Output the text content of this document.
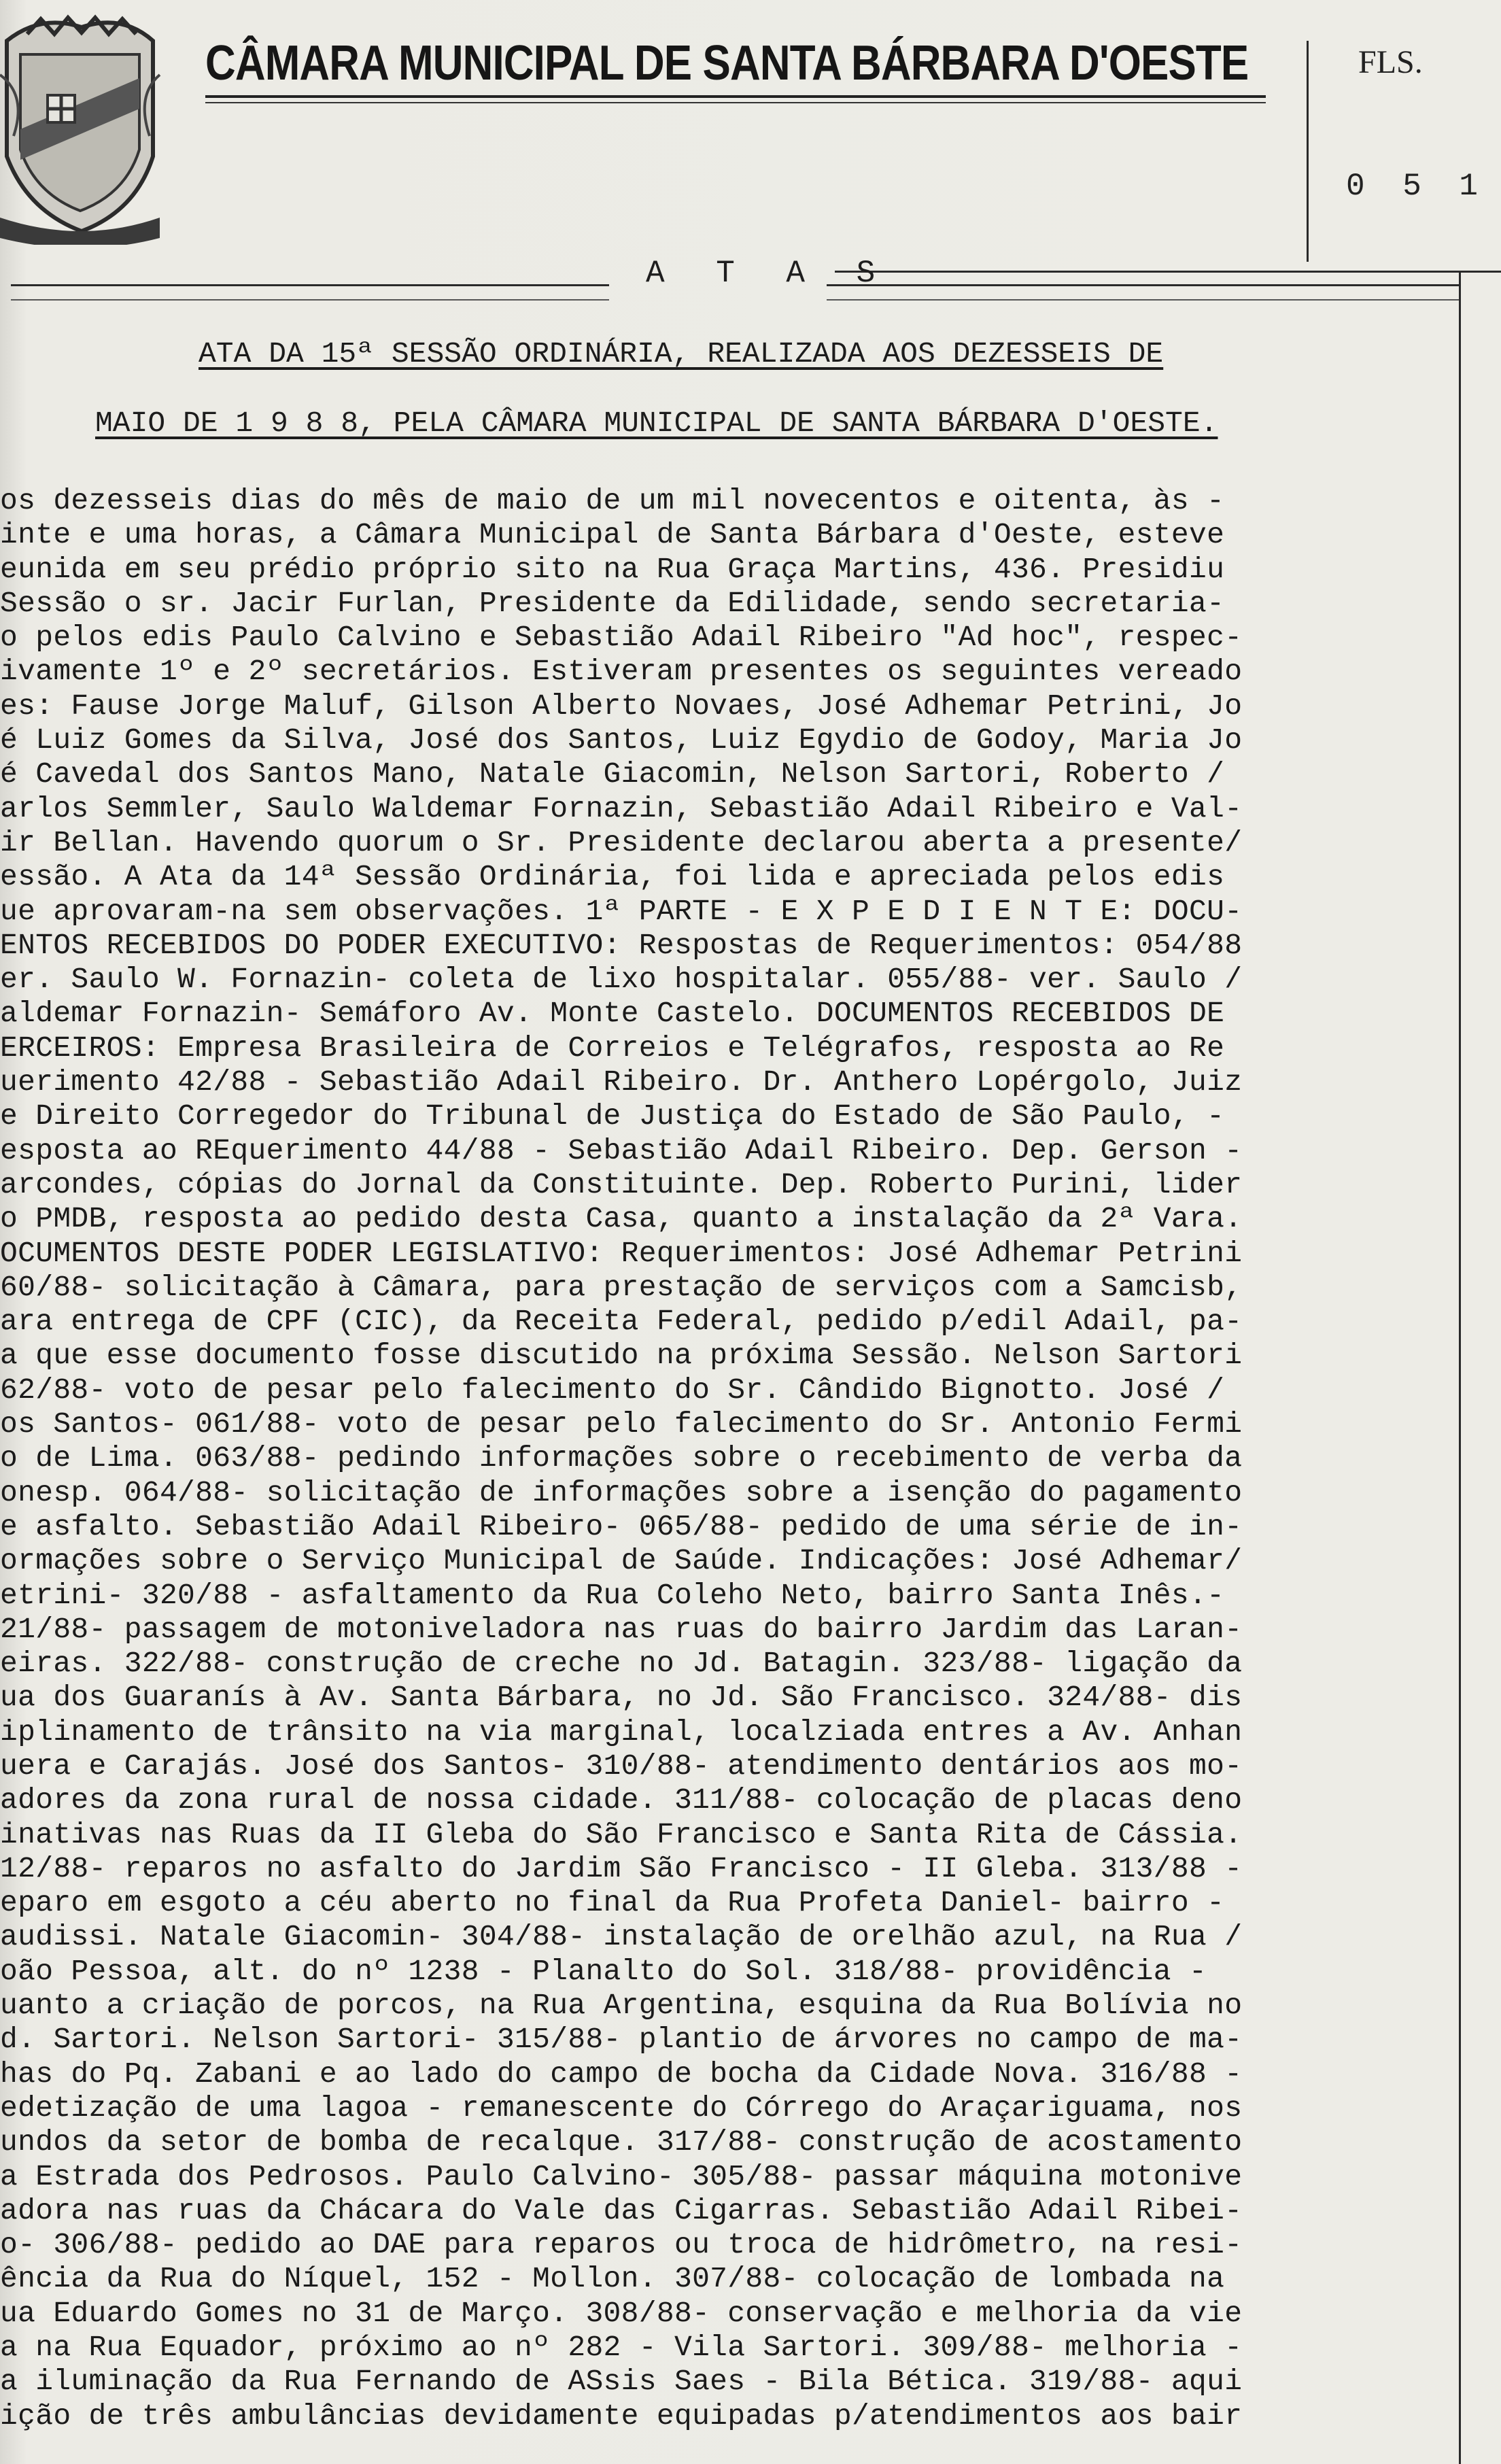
CÂMARA MUNICIPAL DE SANTA BÁRBARA D'OESTE	FLS.
0 5 1
A T A S
ATA DA 15ª SESSÃO ORDINÁRIA, REALIZADA AOS DEZESSEIS DE
MAIO DE 1 9 8 8, PELA CÂMARA MUNICIPAL DE SANTA BÁRBARA D'OESTE.
os dezesseis dias do mês de maio de um mil novecentos e oitenta, às -
inte e uma horas, a Câmara Municipal de Santa Bárbara d'Oeste, esteve
eunida em seu prédio próprio sito na Rua Graça Martins, 436. Presidiu
Sessão o sr. Jacir Furlan, Presidente da Edilidade, sendo secretaria-
o pelos edis Paulo Calvino e Sebastião Adail Ribeiro "Ad hoc", respec-
ivamente 1º e 2º secretários. Estiveram presentes os seguintes vereado
es: Fause Jorge Maluf, Gilson Alberto Novaes, José Adhemar Petrini, Jo
é Luiz Gomes da Silva, José dos Santos, Luiz Egydio de Godoy, Maria Jo
é Cavedal dos Santos Mano, Natale Giacomin, Nelson Sartori, Roberto /
arlos Semmler, Saulo Waldemar Fornazin, Sebastião Adail Ribeiro e Val-
ir Bellan. Havendo quorum o Sr. Presidente declarou aberta a presente/
essão. A Ata da 14ª Sessão Ordinária, foi lida e apreciada pelos edis
ue aprovaram-na sem observações. 1ª PARTE - E X P E D I E N T E: DOCU-
ENTOS RECEBIDOS DO PODER EXECUTIVO: Respostas de Requerimentos: 054/88
er. Saulo W. Fornazin- coleta de lixo hospitalar. 055/88- ver. Saulo /
aldemar Fornazin- Semáforo Av. Monte Castelo. DOCUMENTOS RECEBIDOS DE
ERCEIROS: Empresa Brasileira de Correios e Telégrafos, resposta ao Re
uerimento 42/88 - Sebastião Adail Ribeiro. Dr. Anthero Lopérgolo, Juiz
e Direito Corregedor do Tribunal de Justiça do Estado de São Paulo, -
esposta ao REquerimento 44/88 - Sebastião Adail Ribeiro. Dep. Gerson -
arcondes, cópias do Jornal da Constituinte. Dep. Roberto Purini, lider
o PMDB, resposta ao pedido desta Casa, quanto a instalação da 2ª Vara.
OCUMENTOS DESTE PODER LEGISLATIVO: Requerimentos: José Adhemar Petrini
60/88- solicitação à Câmara, para prestação de serviços com a Samcisb,
ara entrega de CPF (CIC), da Receita Federal, pedido p/edil Adail, pa-
a que esse documento fosse discutido na próxima Sessão. Nelson Sartori
62/88- voto de pesar pelo falecimento do Sr. Cândido Bignotto. José /
os Santos- 061/88- voto de pesar pelo falecimento do Sr. Antonio Fermi
o de Lima. 063/88- pedindo informações sobre o recebimento de verba da
onesp. 064/88- solicitação de informações sobre a isenção do pagamento
e asfalto. Sebastião Adail Ribeiro- 065/88- pedido de uma série de in-
ormações sobre o Serviço Municipal de Saúde. Indicações: José Adhemar/
etrini- 320/88 - asfaltamento da Rua Coleho Neto, bairro Santa Inês.-
21/88- passagem de motoniveladora nas ruas do bairro Jardim das Laran-
eiras. 322/88- construção de creche no Jd. Batagin. 323/88- ligação da
ua dos Guaranís à Av. Santa Bárbara, no Jd. São Francisco. 324/88- dis
iplinamento de trânsito na via marginal, localziada entres a Av. Anhan
uera e Carajás. José dos Santos- 310/88- atendimento dentários aos mo-
adores da zona rural de nossa cidade. 311/88- colocação de placas deno
inativas nas Ruas da II Gleba do São Francisco e Santa Rita de Cássia.
12/88- reparos no asfalto do Jardim São Francisco - II Gleba. 313/88 -
eparo em esgoto a céu aberto no final da Rua Profeta Daniel- bairro -
audissi. Natale Giacomin- 304/88- instalação de orelhão azul, na Rua /
oão Pessoa, alt. do nº 1238 - Planalto do Sol. 318/88- providência -
uanto a criação de porcos, na Rua Argentina, esquina da Rua Bolívia no
d. Sartori. Nelson Sartori- 315/88- plantio de árvores no campo de ma-
has do Pq. Zabani e ao lado do campo de bocha da Cidade Nova. 316/88 -
edetização de uma lagoa - remanescente do Córrego do Araçariguama, nos
undos da setor de bomba de recalque. 317/88- construção de acostamento
a Estrada dos Pedrosos. Paulo Calvino- 305/88- passar máquina motonive
adora nas ruas da Chácara do Vale das Cigarras. Sebastião Adail Ribei-
o- 306/88- pedido ao DAE para reparos ou troca de hidrômetro, na resi-
ência da Rua do Níquel, 152 - Mollon. 307/88- colocação de lombada na
ua Eduardo Gomes no 31 de Março. 308/88- conservação e melhoria da vie
a na Rua Equador, próximo ao nº 282 - Vila Sartori. 309/88- melhoria -
a iluminação da Rua Fernando de ASsis Saes - Bila Bética. 319/88- aqui
ição de três ambulâncias devidamente equipadas p/atendimentos aos bair
